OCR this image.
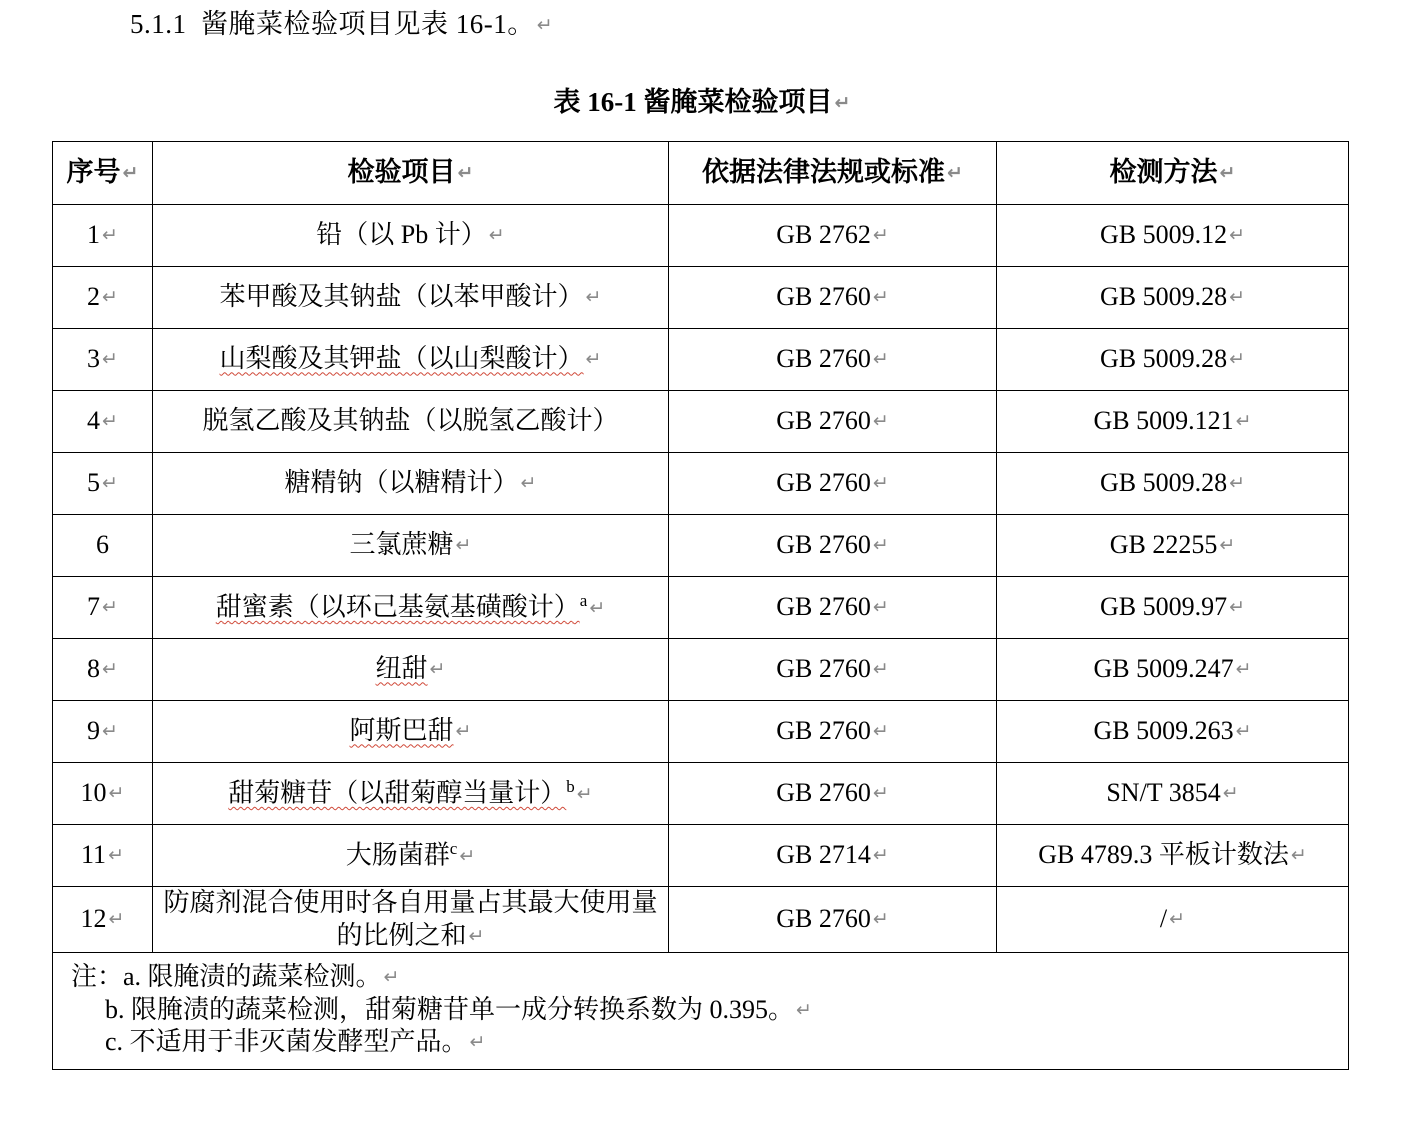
5.1.1 酱腌菜检验项目见表 16-1。 ↵
表 16-1 酱腌菜检验项目 ↵
序号 ↵	检验项目 ↵	依据法律法规或标准 ↵	检测方法 ↵
1 ↵	铅（以 Pb 计） ↵	GB 2762 ↵	GB 5009.12 ↵
2 ↵	苯甲酸及其钠盐（以苯甲酸计） ↵	GB 2760 ↵	GB 5009.28 ↵
3 ↵	山梨酸及其钾盐（以山梨酸计） ↵	GB 2760 ↵	GB 5009.28 ↵
4 ↵	脱氢乙酸及其钠盐（以脱氢乙酸计）	GB 2760 ↵	GB 5009.121 ↵
5 ↵	糖精钠（以糖精计） ↵	GB 2760 ↵	GB 5009.28 ↵
6	三氯蔗糖 ↵	GB 2760 ↵	GB 22255 ↵
7 ↵	甜蜜素（以环己基氨基磺酸计）$^a$ ↵	GB 2760 ↵	GB 5009.97 ↵
8 ↵	纽甜 ↵	GB 2760 ↵	GB 5009.247 ↵
9 ↵	阿斯巴甜 ↵	GB 2760 ↵	GB 5009.263 ↵
10 ↵	甜菊糖苷（以甜菊醇当量计）$^b$ ↵	GB 2760 ↵	SN/T 3854 ↵
11 ↵	大肠菌群$^c$ ↵	GB 2714 ↵	GB 4789.3 平板计数法 ↵
12 ↵	防腐剂混合使用时各自用量占其最大使用量的比例之和 ↵	GB 2760 ↵	/ ↵

注：a. 限腌渍的蔬菜检测。 ↵
b. 限腌渍的蔬菜检测，甜菊糖苷单一成分转换系数为 0.395。 ↵
c. 不适用于非灭菌发酵型产品。 ↵			
